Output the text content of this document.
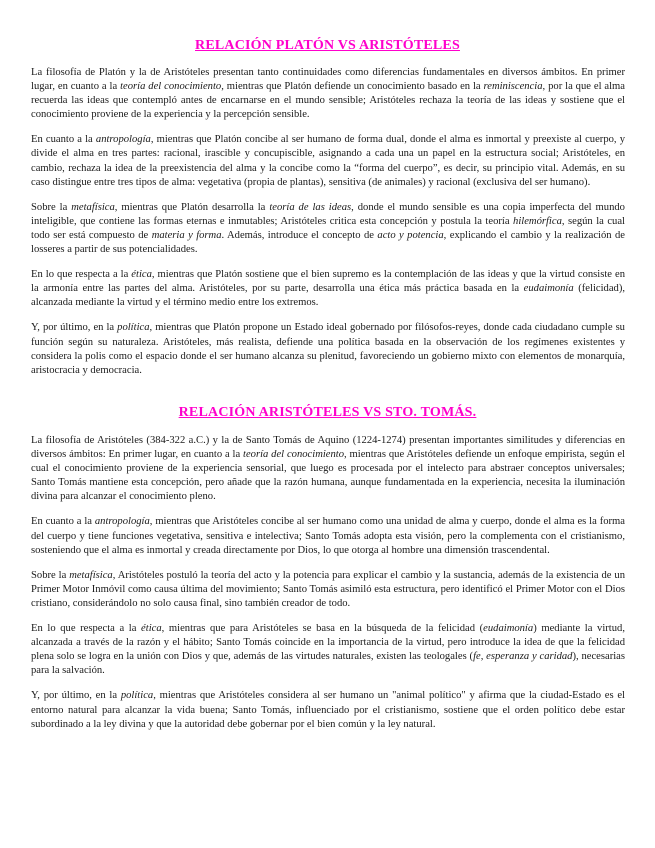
RELACIÓN PLATÓN VS ARISTÓTELES

La filosofía de Platón y la de Aristóteles presentan tanto continuidades como diferencias fundamentales en diversos ámbitos. En primer lugar, en cuanto a la teoría del conocimiento, mientras que Platón defiende un conocimiento basado en la reminiscencia, por la que el alma recuerda las ideas que contempló antes de encarnarse en el mundo sensible; Aristóteles rechaza la teoría de las ideas y sostiene que el conocimiento proviene de la experiencia y la percepción sensible.

En cuanto a la antropología, mientras que Platón concibe al ser humano de forma dual, donde el alma es inmortal y preexiste al cuerpo, y divide el alma en tres partes: racional, irascible y concupiscible, asignando a cada una un papel en la estructura social; Aristóteles, en cambio, rechaza la idea de la preexistencia del alma y la concibe como la “forma del cuerpo”, es decir, su principio vital. Además, en su caso distingue entre tres tipos de alma: vegetativa (propia de plantas), sensitiva (de animales) y racional (exclusiva del ser humano).

Sobre la metafísica, mientras que Platón desarrolla la teoría de las ideas, donde el mundo sensible es una copia imperfecta del mundo inteligible, que contiene las formas eternas e inmutables; Aristóteles critica esta concepción y postula la teoría hilemórfica, según la cual todo ser está compuesto de materia y forma. Además, introduce el concepto de acto y potencia, explicando el cambio y la realización de losseres a partir de sus potencialidades.

En lo que respecta a la ética, mientras que Platón sostiene que el bien supremo es la contemplación de las ideas y que la virtud consiste en la armonía entre las partes del alma. Aristóteles, por su parte, desarrolla una ética más práctica basada en la eudaimonía (felicidad), alcanzada mediante la virtud y el término medio entre los extremos.

Y, por último, en la política, mientras que Platón propone un Estado ideal gobernado por filósofos-reyes, donde cada ciudadano cumple su función según su naturaleza. Aristóteles, más realista, defiende una política basada en la observación de los regímenes existentes y considera la polis como el espacio donde el ser humano alcanza su plenitud, favoreciendo un gobierno mixto con elementos de monarquía, aristocracia y democracia.

RELACIÓN ARISTÓTELES VS STO. TOMÁS.

La filosofía de Aristóteles (384-322 a.C.) y la de Santo Tomás de Aquino (1224-1274) presentan importantes similitudes y diferencias en diversos ámbitos: En primer lugar, en cuanto a la teoría del conocimiento, mientras que Aristóteles defiende un enfoque empirista, según el cual el conocimiento proviene de la experiencia sensorial, que luego es procesada por el intelecto para abstraer conceptos universales; Santo Tomás mantiene esta concepción, pero añade que la razón humana, aunque fundamentada en la experiencia, necesita la iluminación divina para alcanzar el conocimiento pleno.

En cuanto a la antropología, mientras que Aristóteles concibe al ser humano como una unidad de alma y cuerpo, donde el alma es la forma del cuerpo y tiene funciones vegetativa, sensitiva e intelectiva; Santo Tomás adopta esta visión, pero la complementa con el cristianismo, sosteniendo que el alma es inmortal y creada directamente por Dios, lo que otorga al hombre una dimensión trascendental.

Sobre la metafísica, Aristóteles postuló la teoría del acto y la potencia para explicar el cambio y la sustancia, además de la existencia de un Primer Motor Inmóvil como causa última del movimiento; Santo Tomás asimiló esta estructura, pero identificó el Primer Motor con el Dios cristiano, considerándolo no solo causa final, sino también creador de todo.

En lo que respecta a la ética, mientras que para Aristóteles se basa en la búsqueda de la felicidad (eudaimonía) mediante la virtud, alcanzada a través de la razón y el hábito; Santo Tomás coincide en la importancia de la virtud, pero introduce la idea de que la felicidad plena solo se logra en la unión con Dios y que, además de las virtudes naturales, existen las teologales (fe, esperanza y caridad), necesarias para la salvación.

Y, por último, en la política, mientras que Aristóteles considera al ser humano un "animal político" y afirma que la ciudad-Estado es el entorno natural para alcanzar la vida buena; Santo Tomás, influenciado por el cristianismo, sostiene que el orden político debe estar subordinado a la ley divina y que la autoridad debe gobernar por el bien común y la ley natural.
